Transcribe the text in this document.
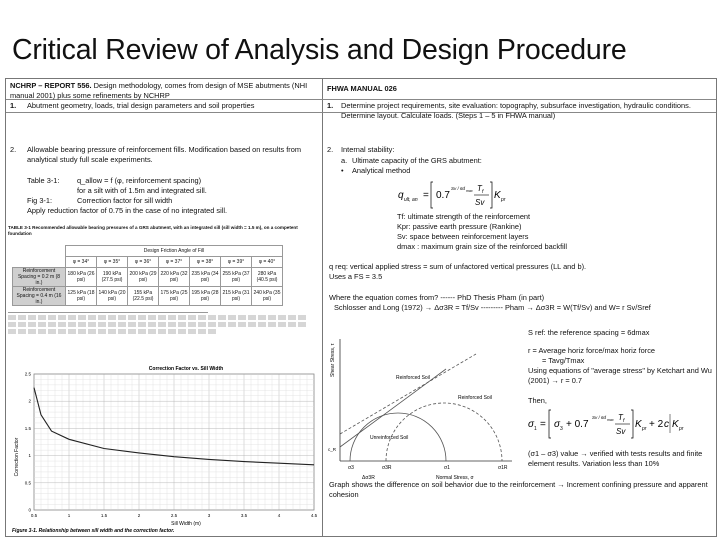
Critical Review of Analysis and Design Procedure
NCHRP – REPORT 556. Design methodology, comes from design of MSE abutments (NHI manual 2001) plus some refinements by NCHRP
FHWA MANUAL 026
1. Abutment geometry, loads, trial design parameters and soil properties	1. Determine project requirements, site evaluation: topography, subsurface investigation, hydraulic conditions. Determine layout. Calculate loads. (Steps 1 – 5 in FHWA manual)
2. Allowable bearing pressure of reinforcement fills. Modification based on results from analytical study full scale experiments.
Table 3-1: q_allow = f (φ, reinforcement spacing)
for a silt with of 1.5m and integrated sill.
Fig 3-1:	Correction factor for sill width
Apply reduction factor of 0.75 in the case of no integrated sill.
TABLE 3-1 Recommended allowable bearing pressures of a GRS abutment, with an integrated sill (sill width = 1.5 m), on a competent foundation
	Design Friction Angle of Fill						
	φ = 34°	φ = 35°	φ = 36°	φ = 37°	φ = 38°	φ = 39°	φ = 40°
Reinforcement Spacing = 0.2 m (8 in.)	180 kPa (26 psi)	190 kPa (27.5 psi)	200 kPa (29 psi)	220 kPa (32 psi)	235 kPa (34 psi)	255 kPa (37 psi)	280 kPa (40.5 psi)
Reinforcement Spacing = 0.4 m (16 in.)	125 kPa (18 psi)	140 kPa (20 psi)	155 kPa (22.5 psi)	175 kPa (25 psi)	195 kPa (28 psi)	215 kPa (31 psi)	240 kPa (35 psi)
Correction Factor vs. Sill Width
Correction Factor
Sill Width (m)
Figure 3-1. Relationship between sill width and the correction factor.
0.5	1	1.5	2	2.5	3	3.5	4	4.5
0
0.5
1
1.5
2
2.5
2. Internal stability:
a. Ultimate capacity of the GRS abutment:
• Analytical method
q ult, an = 0.7
Sv / 6d max T f
Sv
K pr
Tf: ultimate strength of the reinforcement
Kpr: passive earth pressure (Rankine)
Sv: space between reinforcement layers
dmax : maximum grain size of the reinforced backfill
q req: vertical applied stress = sum of unfactored vertical pressures (LL and b).
Uses a FS = 3.5
Where the equation comes from? ------ PhD Thesis Pham (in part)
Schlosser and Long (1972) → Δσ3R = Tf/Sv --------- Pham → Δσ3R = W(Tf/Sv) and W= r Sv/Sref
Shear Stress, τ
Normal Stress, σ
Reinforced Soil
Reinforced Soil
Unreinforced Soil
c_R
σ3	σ3R	σ1	σ1R
Δσ3R
S ref: the reference spacing = 6dmax
r = Average horiz force/max horiz force
= Tavg/Tmax
Using equations of "average stress" by Ketchart and Wu (2001) → r = 0.7
Then,
σ 1 = σ 3 + 0.7
Sv / 6d max T f
Sv
K pr + 2 c K pr
(σ1 – σ3) value → verified with tests results and finite element results. Variation less than 10%
Graph shows the difference on soil behavior due to the reinforcement → Increment confining pressure and apparent cohesion
